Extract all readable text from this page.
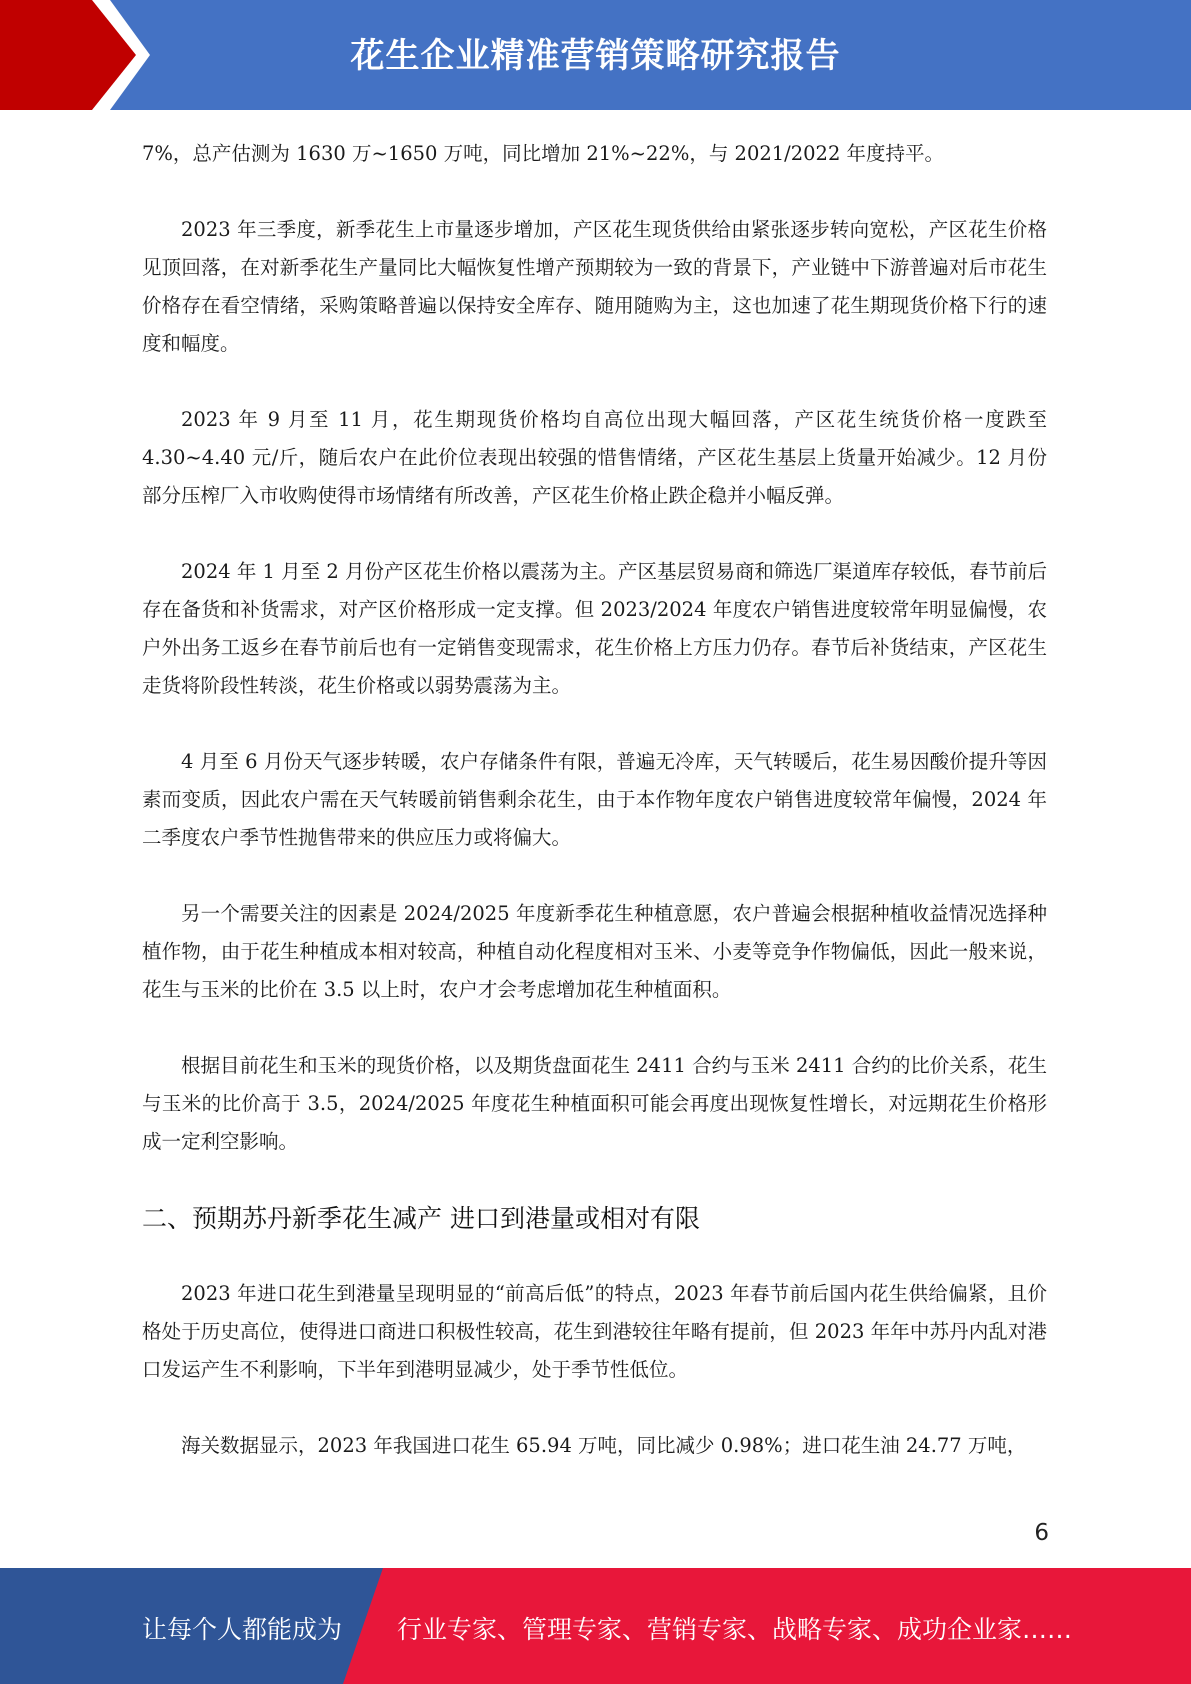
花生企业精准营销策略研究报告

7%，总产估测为 1630 万~1650 万吨，同比增加 21%~22%，与 2021/2022 年度持平。

2023 年三季度，新季花生上市量逐步增加，产区花生现货供给由紧张逐步转向宽松，产区花生价格见顶回落，在对新季花生产量同比大幅恢复性增产预期较为一致的背景下，产业链中下游普遍对后市花生价格存在看空情绪，采购策略普遍以保持安全库存、随用随购为主，这也加速了花生期现货价格下行的速度和幅度。

2023 年 9 月至 11 月，花生期现货价格均自高位出现大幅回落，产区花生统货价格一度跌至 4.30~4.40 元/斤，随后农户在此价位表现出较强的惜售情绪，产区花生基层上货量开始减少。12 月份部分压榨厂入市收购使得市场情绪有所改善，产区花生价格止跌企稳并小幅反弹。

2024 年 1 月至 2 月份产区花生价格以震荡为主。产区基层贸易商和筛选厂渠道库存较低，春节前后存在备货和补货需求，对产区价格形成一定支撑。但 2023/2024 年度农户销售进度较常年明显偏慢，农户外出务工返乡在春节前后也有一定销售变现需求，花生价格上方压力仍存。春节后补货结束，产区花生走货将阶段性转淡，花生价格或以弱势震荡为主。

4 月至 6 月份天气逐步转暖，农户存储条件有限，普遍无冷库，天气转暖后，花生易因酸价提升等因素而变质，因此农户需在天气转暖前销售剩余花生，由于本作物年度农户销售进度较常年偏慢，2024 年二季度农户季节性抛售带来的供应压力或将偏大。

另一个需要关注的因素是 2024/2025 年度新季花生种植意愿，农户普遍会根据种植收益情况选择种植作物，由于花生种植成本相对较高，种植自动化程度相对玉米、小麦等竞争作物偏低，因此一般来说，花生与玉米的比价在 3.5 以上时，农户才会考虑增加花生种植面积。

根据目前花生和玉米的现货价格，以及期货盘面花生 2411 合约与玉米 2411 合约的比价关系，花生与玉米的比价高于 3.5，2024/2025 年度花生种植面积可能会再度出现恢复性增长，对远期花生价格形成一定利空影响。

二、预期苏丹新季花生减产 进口到港量或相对有限

2023 年进口花生到港量呈现明显的“前高后低”的特点，2023 年春节前后国内花生供给偏紧，且价格处于历史高位，使得进口商进口积极性较高，花生到港较往年略有提前，但 2023 年年中苏丹内乱对港口发运产生不利影响，下半年到港明显减少，处于季节性低位。

海关数据显示，2023 年我国进口花生 65.94 万吨，同比减少 0.98%；进口花生油 24.77 万吨，

6
让每个人都能成为 行业专家、管理专家、营销专家、战略专家、成功企业家……
